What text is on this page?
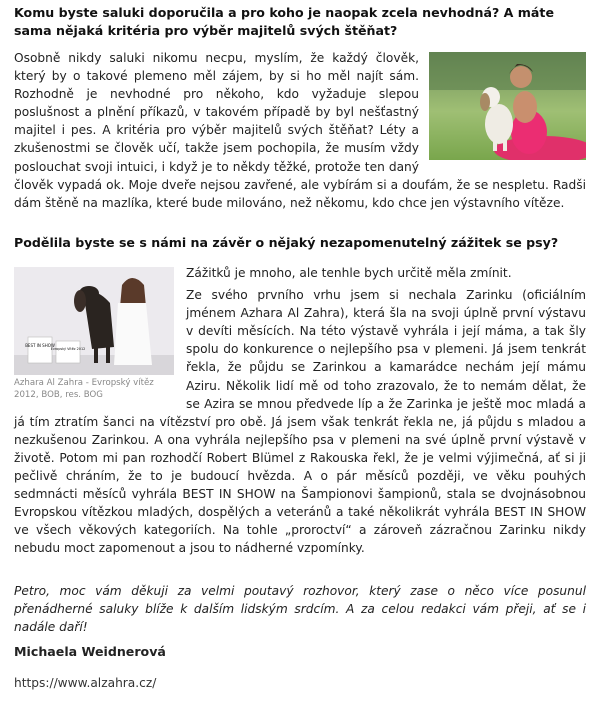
Komu byste saluki doporučila a pro koho je naopak zcela nevhodná? A máte sama nějaká kritéria pro výběr majitelů svých štěňat?

Osobně nikdy saluki nikomu necpu, myslím, že každý člověk, který by o takové plemeno měl zájem, by si ho měl najít sám. Rozhodně je nevhodné pro někoho, kdo vyžaduje slepou poslušnost a plnění příkazů, v takovém případě by byl nešťastný majitel i pes. A kritéria pro výběr majitelů svých štěňat? Léty a zkušenostmi se člověk učí, takže jsem pochopila, že musím vždy poslouchat svoji intuici, i když je to někdy těžké, protože ten daný člověk vypadá ok. Moje dveře nejsou zavřené, ale vybírám si a doufám, že se nespletu. Radši dám štěně na mazlíka, které bude milováno, než někomu, kdo chce jen výstavního vítěze.

Podělila byste se s námi na závěr o nějaký nezapomenutelný zážitek se psy?
BEST IN SHOW
Evropský Vítěz 2012
Azhara Al Zahra - Evropský vítěz 2012, BOB, res. BOG

Zážitků je mnoho, ale tenhle bych určitě měla zmínit.

Ze svého prvního vrhu jsem si nechala Zarinku (oficiálním jménem Azhara Al Zahra), která šla na svoji úplně první výstavu v devíti měsících. Na této výstavě vyhrála i její máma, a tak šly spolu do konkurence o nejlepšího psa v plemeni. Já jsem tenkrát řekla, že půjdu se Zarinkou a kamarádce nechám její mámu Aziru. Několik lidí mě od toho zrazovalo, že to nemám dělat, že se Azira se mnou předvede líp a že Zarinka je ještě moc mladá a já tím ztratím šanci na vítězství pro obě. Já jsem však tenkrát řekla ne, já půjdu s mladou a nezkušenou Zarinkou. A ona vyhrála nejlepšího psa v plemeni na své úplně první výstavě v životě. Potom mi pan rozhodčí Robert Blümel z Rakouska řekl, že je velmi výjimečná, ať si ji pečlivě chráním, že to je budoucí hvězda. A o pár měsíců později, ve věku pouhých sedmnácti měsíců vyhrála BEST IN SHOW na Šampionovi šampionů, stala se dvojnásobnou Evropskou vítězkou mladých, dospělých a veteránů a také několikrát vyhrála BEST IN SHOW ve všech věkových kategoriích. Na tohle „proroctví“ a zároveň zázračnou Zarinku nikdy nebudu moct zapomenout a jsou to nádherné vzpomínky.

Petro, moc vám děkuji za velmi poutavý rozhovor, který zase o něco více posunul přenádherné saluky blíže k dalším lidským srdcím. A za celou redakci vám přeji, ať se i nadále daří!

Michaela Weidnerová
https://www.alzahra.cz/
